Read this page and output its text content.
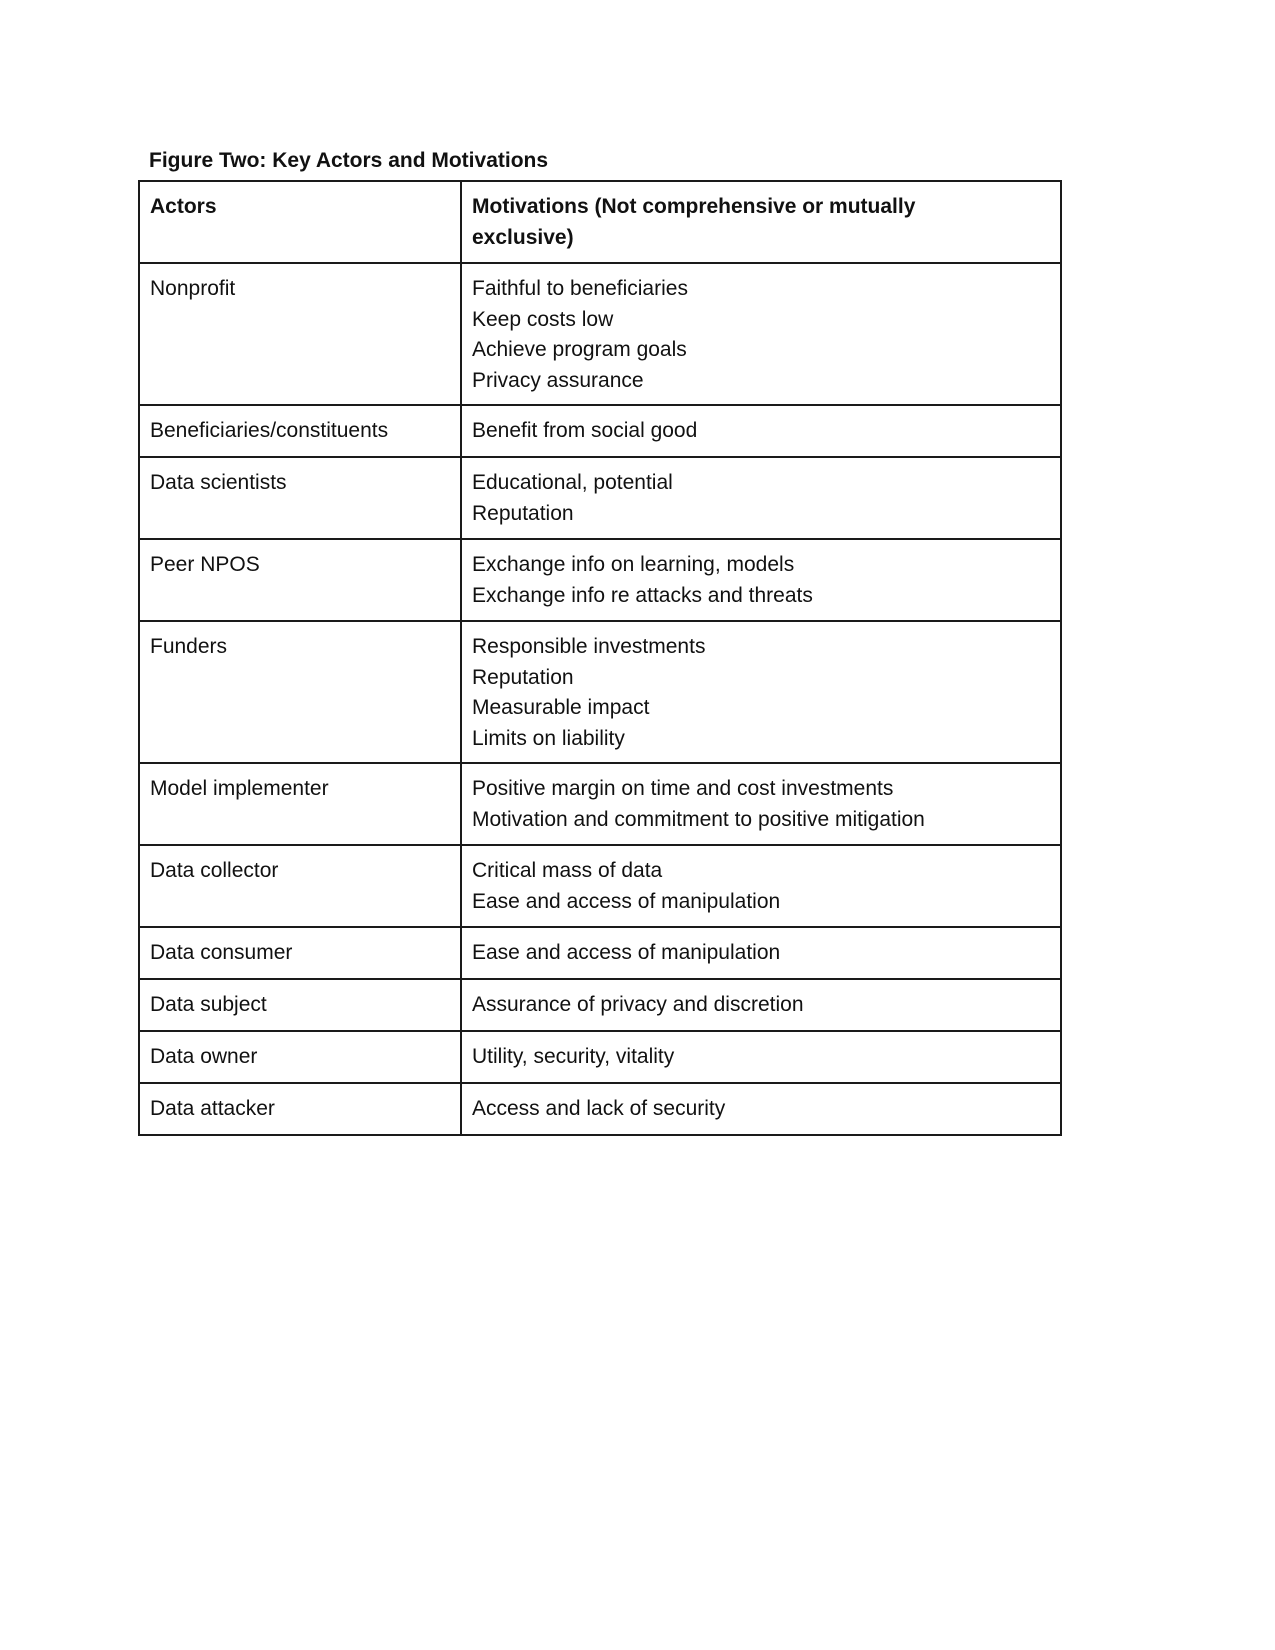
Figure Two: Key Actors and Motivations
Actors	Motivations (Not comprehensive or mutually exclusive)

Nonprofit	Faithful to beneficiaries
Keep costs low
Achieve program goals
Privacy assurance

Beneficiaries/constituents	Benefit from social good

Data scientists	Educational, potential
Reputation

Peer NPOS	Exchange info on learning, models
Exchange info re attacks and threats

Funders	Responsible investments
Reputation
Measurable impact
Limits on liability

Model implementer	Positive margin on time and cost investments
Motivation and commitment to positive mitigation

Data collector	Critical mass of data
Ease and access of manipulation

Data consumer	Ease and access of manipulation

Data subject	Assurance of privacy and discretion

Data owner	Utility, security, vitality

Data attacker	Access and lack of security
